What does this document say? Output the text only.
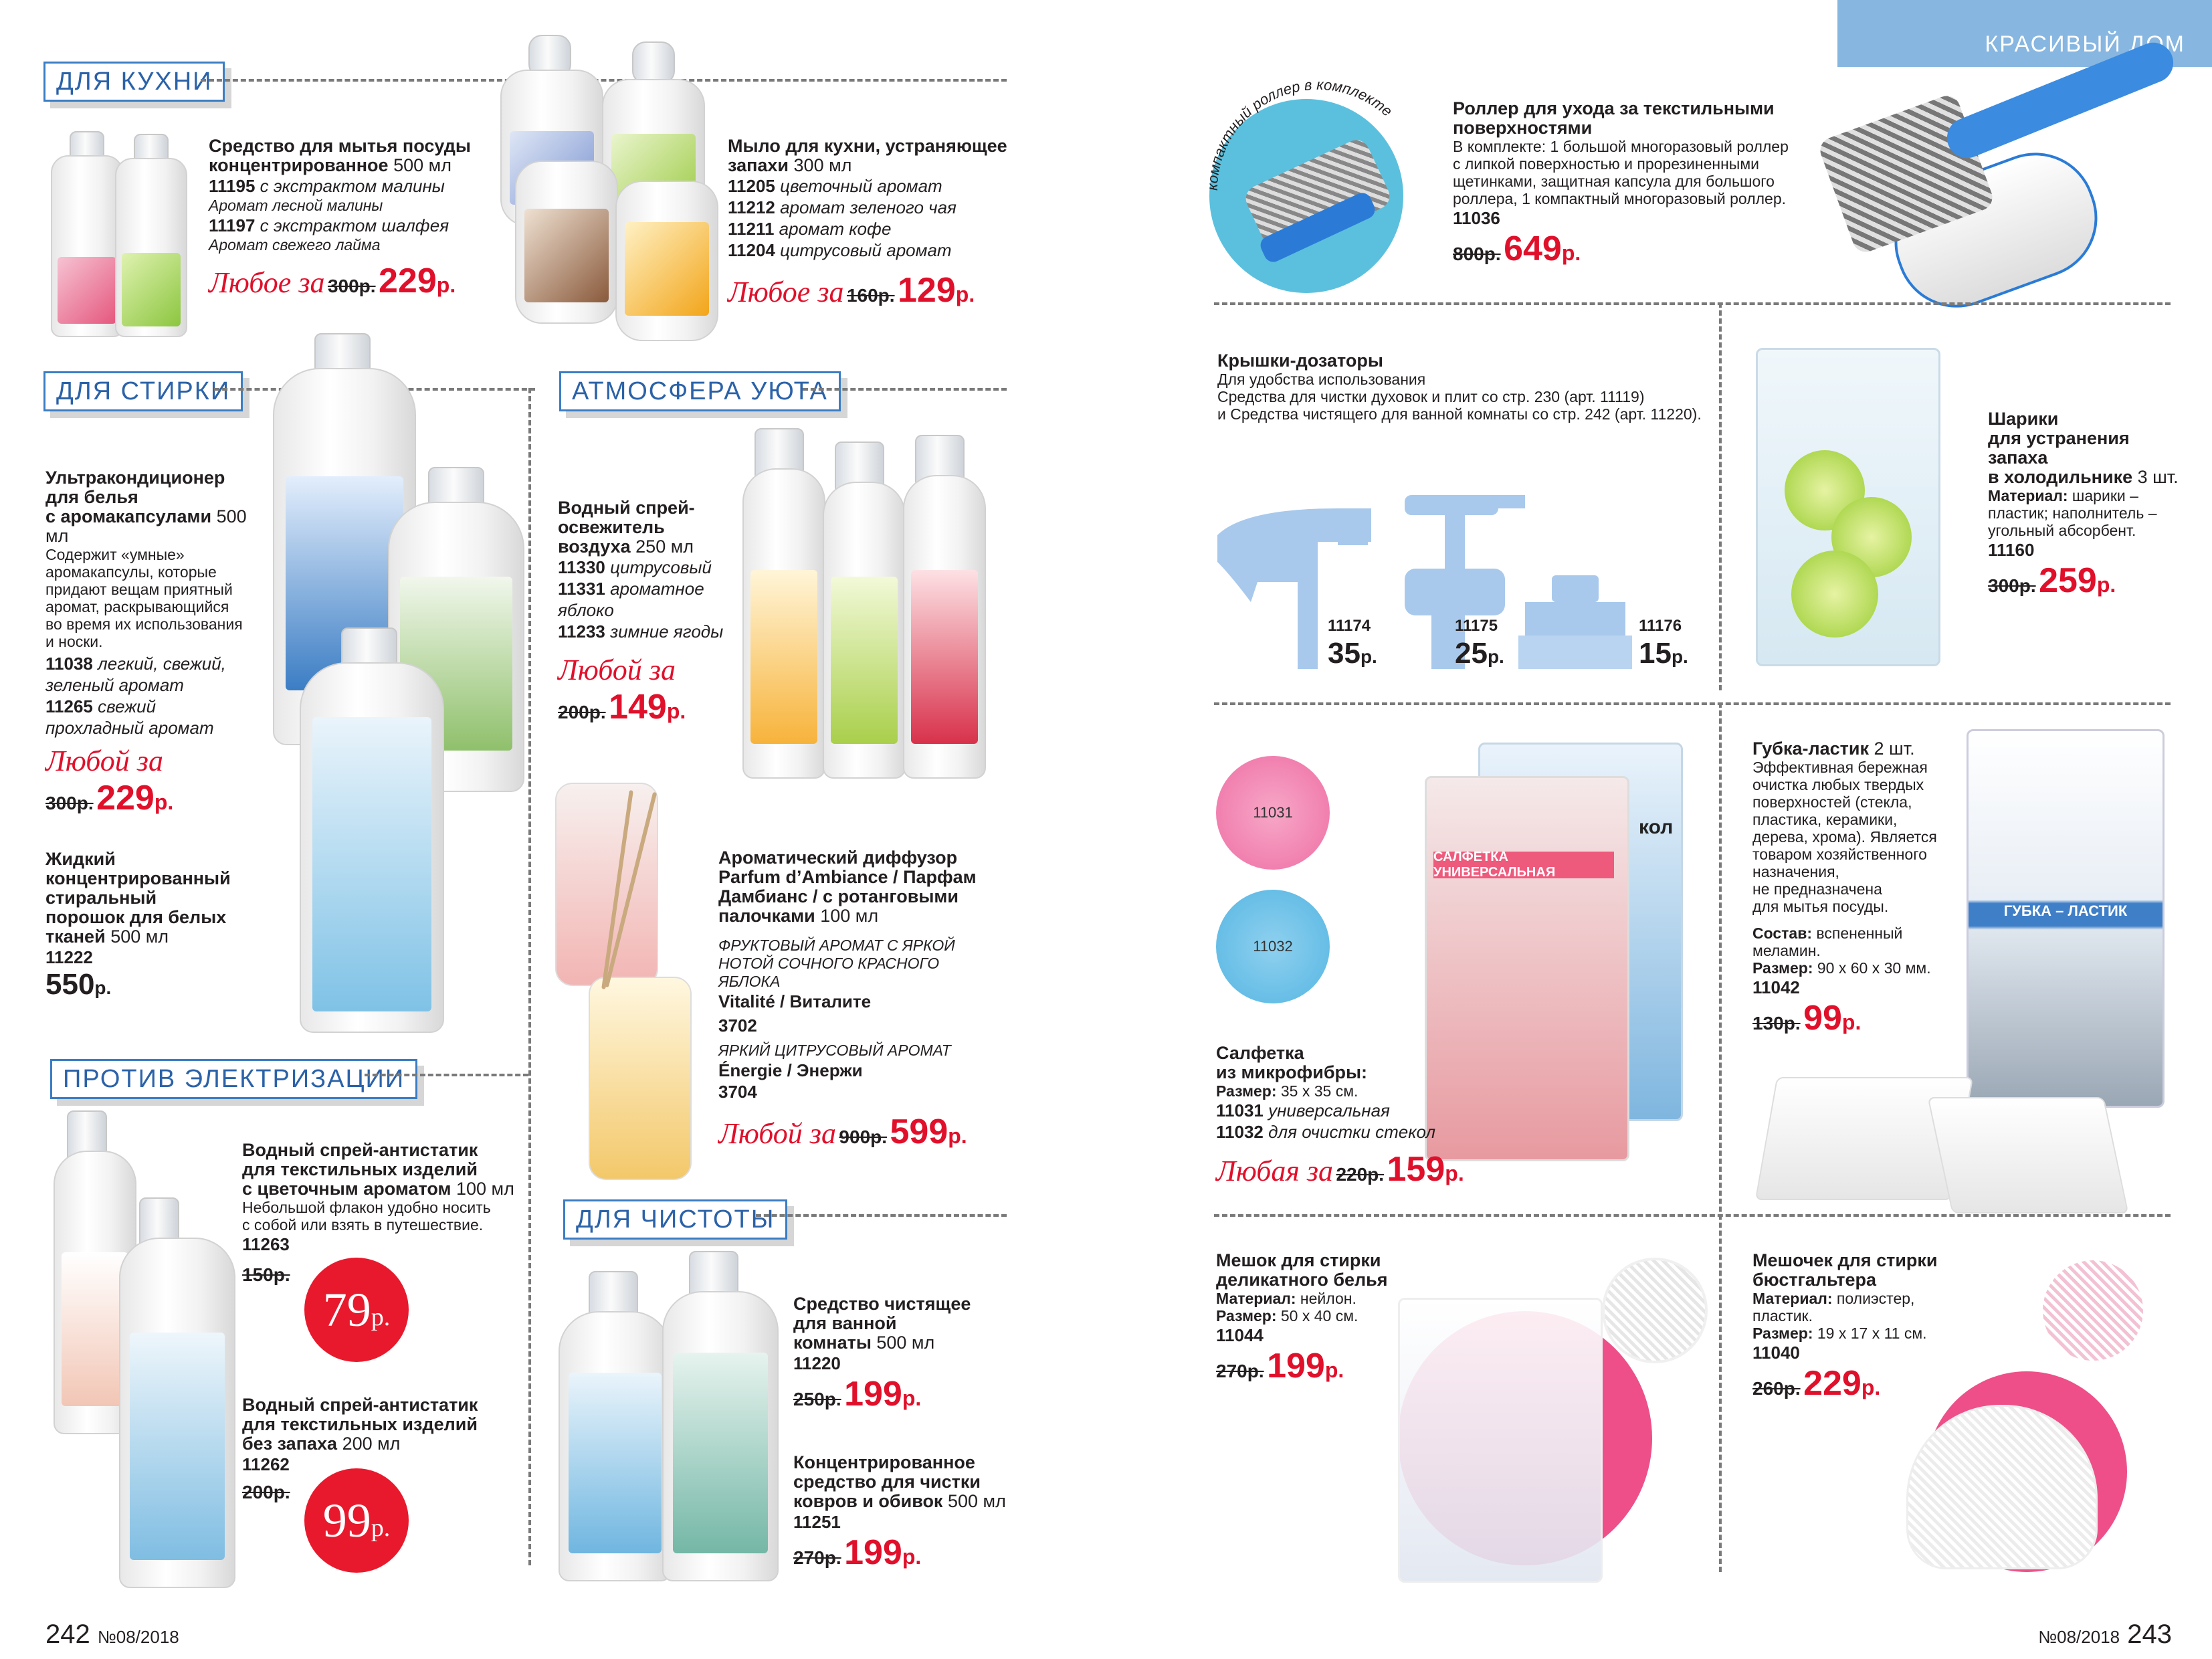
ДЛЯ КУХНИ
ДЛЯ СТИРКИ	АТМОСФЕРА УЮТА
ПРОТИВ ЭЛЕКТРИЗАЦИИ
ДЛЯ ЧИСТОТЫ
Средство для мытья посуды
концентрированное 500 мл
11195 с экстрактом малины
Аромат лесной малины
11197 с экстрактом шалфея
Аромат свежего лайма
Любое за 300р. 229р.
Мыло для кухни, устраняющее
запахи 300 мл
11205 цветочный аромат
11212 аромат зеленого чая
11211 аромат кофе
11204 цитрусовый аромат
Любое за 160р. 129р.
Ультракондиционер
для белья
с аромакапсулами 500 мл
Содержит «умные»
аромакапсулы, которые
придают вещам приятный
аромат, раскрывающийся
во время их использования
и носки.
11038 легкий, свежий,
зеленый аромат
11265 свежий
прохладный аромат
Любой за
300р. 229р.
Жидкий
концентрированный
стиральный
порошок для белых
тканей 500 мл
11222
550р.
Водный спрей-
освежитель
воздуха 250 мл
11330 цитрусовый
11331 ароматное
яблоко
11233 зимние ягоды
Любой за
200р. 149р.
Ароматический диффузор
Parfum d’Ambiance / Парфам
Дамбианс / с ротанговыми
палочками 100 мл
ФРУКТОВЫЙ АРОМАТ С ЯРКОЙ
НОТОЙ СОЧНОГО КРАСНОГО
ЯБЛОКА
Vitalité / Виталите
3702
ЯРКИЙ ЦИТРУСОВЫЙ АРОМАТ
Énergie / Энержи
3704
Любой за 900р. 599р.
Водный спрей-антистатик
для текстильных изделий
с цветочным ароматом 100 мл
Небольшой флакон удобно носить
с собой или взять в путешествие.
11263
150р.
79 р.
Водный спрей-антистатик
для текстильных изделий
без запаха 200 мл
11262
200р.
99 р.
Средство чистящее
для ванной
комнаты 500 мл
11220
250р. 199р.
Концентрированное
средство для чистки
ковров и обивок 500 мл
11251
270р. 199р.
242 №08/2018
КРАСИВЫЙ ДОМ
компактный роллер в комплекте	Роллер для ухода за текстильными
поверхностями
В комплекте: 1 большой многоразовый роллер
с липкой поверхностью и прорезиненными
щетинками, защитная капсула для большого
роллера, 1 компактный многоразовый роллер.
11036
800р. 649р.
Крышки-дозаторы
Для удобства использования
Средства для чистки духовок и плит со стр. 230 (арт. 11119)
и Средства чистящего для ванной комнаты со стр. 242 (арт. 11220).
11174
35р.
11175
25р.
11176
15р.
Шарики
для устранения
запаха
в холодильнике 3 шт.
Материал: шарики –
пластик; наполнитель –
угольный абсорбент.
11160
300р. 259р.
11031
11032
САЛФЕТКА УНИВЕРСАЛЬНАЯ
кол
Салфетка
из микрофибры:
Размер: 35 x 35 см.
11031 универсальная
11032 для очистки стекол
Любая за 220р. 159р.
Губка-ластик 2 шт.
Эффективная бережная
очистка любых твердых
поверхностей (стекла,
пластика, керамики,
дерева, хрома). Является
товаром хозяйственного
назначения,
не предназначена
для мытья посуды.
Состав: вспененный
меламин.
Размер: 90 x 60 x 30 мм.
11042
130р. 99р.
ГУБКА – ЛАСТИК
Мешок для стирки
деликатного белья
Материал: нейлон.
Размер: 50 x 40 см.
11044
270р. 199р.
Мешочек для стирки
бюстгальтера
Материал: полиэстер,
пластик.
Размер: 19 x 17 x 11 см.
11040
260р. 229р.
№08/2018 243
